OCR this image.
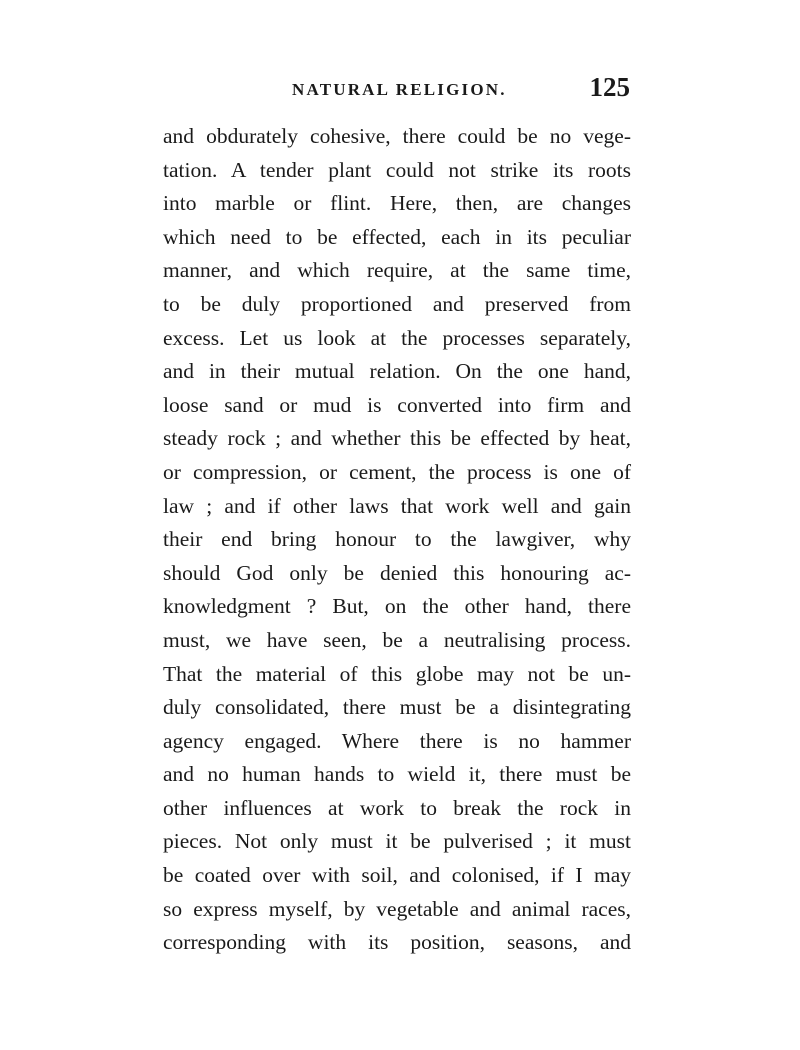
NATURAL RELIGION.	125
and obdurately cohesive, there could be no vege-
tation. A tender plant could not strike its roots
into marble or flint. Here, then, are changes
which need to be effected, each in its peculiar
manner, and which require, at the same time,
to be duly proportioned and preserved from
excess. Let us look at the processes separately,
and in their mutual relation. On the one hand,
loose sand or mud is converted into firm and
steady rock ; and whether this be effected by heat,
or compression, or cement, the process is one of
law ; and if other laws that work well and gain
their end bring honour to the lawgiver, why
should God only be denied this honouring ac-
knowledgment ? But, on the other hand, there
must, we have seen, be a neutralising process.
That the material of this globe may not be un-
duly consolidated, there must be a disintegrating
agency engaged. Where there is no hammer
and no human hands to wield it, there must be
other influences at work to break the rock in
pieces. Not only must it be pulverised ; it must
be coated over with soil, and colonised, if I may
so express myself, by vegetable and animal races,
corresponding with its position, seasons, and
